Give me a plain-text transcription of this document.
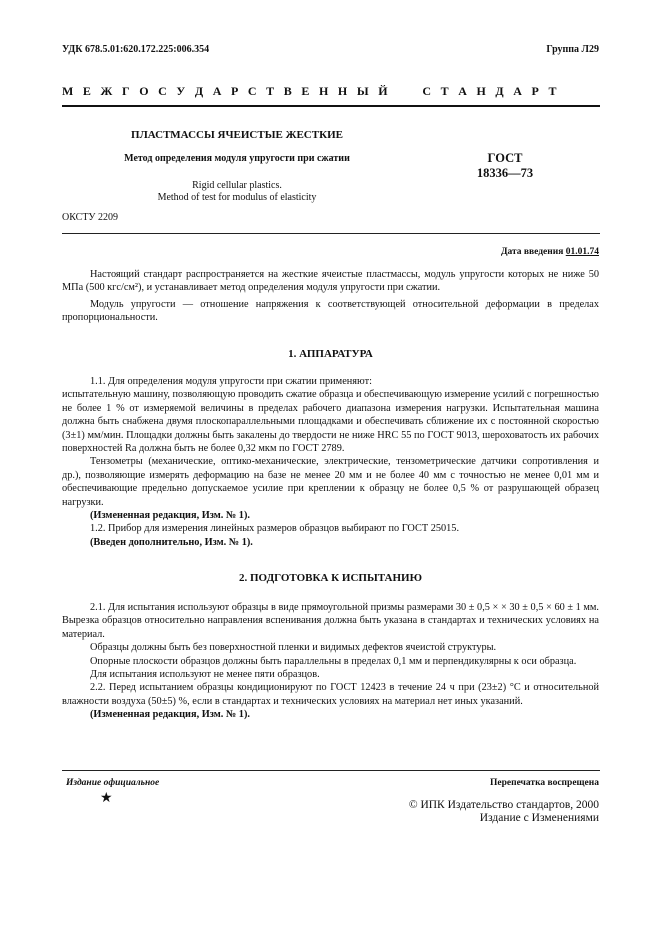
УДК 678.5.01:620.172.225:006.354	Группа Л29
М Е Ж Г О С У Д А Р С Т В Е Н Н Ы Й     С Т А Н Д А Р Т
ПЛАСТМАССЫ ЯЧЕИСТЫЕ ЖЕСТКИЕ
Метод определения модуля упругости при сжатии
Rigid cellular plastics.
Method of test for modulus of elasticity
ГОСТ
18336—73
ОКСТУ 2209
Дата введения 01.01.74

Настоящий стандарт распространяется на жесткие ячеистые пластмассы, модуль упругости которых не ниже 50 МПа (500 кгс/см²), и устанавливает метод определения модуля упругости при сжатии.

Модуль упругости — отношение напряжения к соответствующей относительной деформации в пределах пропорциональности.

1. АППАРАТУРА

1.1. Для определения модуля упругости при сжатии применяют:

испытательную машину, позволяющую проводить сжатие образца и обеспечивающую измерение усилий с погрешностью не более 1 % от измеряемой величины в пределах рабочего диапазона измерения нагрузки. Испытательная машина должна быть снабжена двумя плоскопараллельными площадками и обеспечивать сближение их с постоянной скоростью (3±1) мм/мин. Площадки должны быть закалены до твердости не ниже HRC 55 по ГОСТ 9013, шероховатость их рабочих поверхностей Ra должна быть не более 0,32 мкм по ГОСТ 2789.

Тензометры (механические, оптико-механические, электрические, тензометрические датчики сопротивления и др.), позволяющие измерять деформацию на базе не менее 20 мм и не более 40 мм с точностью не менее 0,01 мм и обеспечивающие предельно допускаемое усилие при креплении к образцу не более 0,5 % от разрушающей образец нагрузки.

(Измененная редакция, Изм. № 1).

1.2. Прибор для измерения линейных размеров образцов выбирают по ГОСТ 25015.

(Введен дополнительно, Изм. № 1).

2. ПОДГОТОВКА К ИСПЫТАНИЮ

2.1. Для испытания используют образцы в виде прямоугольной призмы размерами 30 ± 0,5 × × 30 ± 0,5 × 60 ± 1 мм. Вырезка образцов относительно направления вспенивания должна быть указана в стандартах и технических условиях на материал.

Образцы должны быть без поверхностной пленки и видимых дефектов ячеистой структуры.

Опорные плоскости образцов должны быть параллельны в пределах 0,1 мм и перпендикулярны к оси образца.

Для испытания используют не менее пяти образцов.

2.2. Перед испытанием образцы кондиционируют по ГОСТ 12423 в течение 24 ч при (23±2) °С и относительной влажности воздуха (50±5) %, если в стандартах и технических условиях на материал нет иных указаний.

(Измененная редакция, Изм. № 1).

Издание официальное	Перепечатка воспрещена
★	© ИПК Издательство стандартов, 2000
Издание с Изменениями
